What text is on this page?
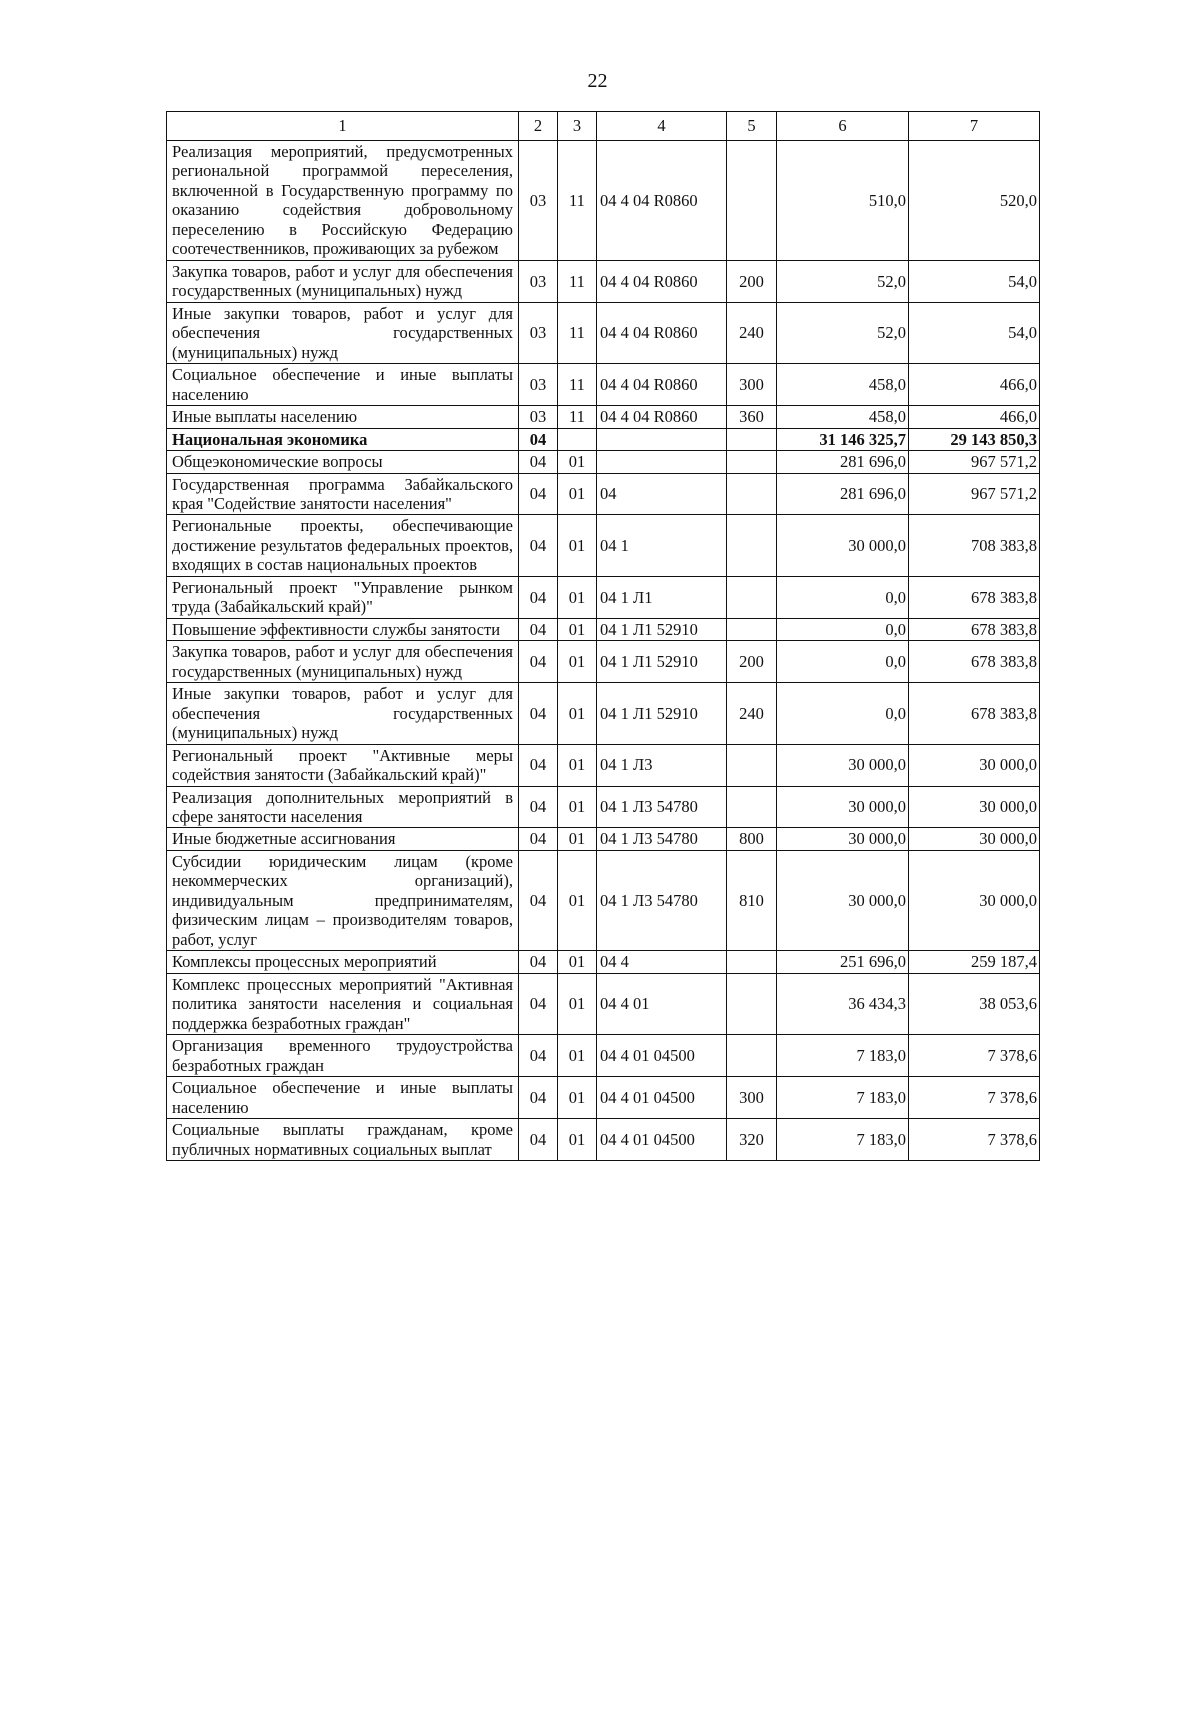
22
1	2	3	4	5	6	7
Реализация мероприятий, предусмотренных региональной программой переселения, включенной в Государственную программу по оказанию содействия добровольному переселению в Российскую Федерацию соотечественников, проживающих за рубежом	03	11	04 4 04 R0860		510,0	520,0
Закупка товаров, работ и услуг для обеспечения государственных (муниципальных) нужд	03	11	04 4 04 R0860	200	52,0	54,0
Иные закупки товаров, работ и услуг для обеспечения государственных (муниципальных) нужд	03	11	04 4 04 R0860	240	52,0	54,0
Социальное обеспечение и иные выплаты населению	03	11	04 4 04 R0860	300	458,0	466,0
Иные выплаты населению	03	11	04 4 04 R0860	360	458,0	466,0
Национальная экономика	04				31 146 325,7	29 143 850,3
Общеэкономические вопросы	04	01			281 696,0	967 571,2
Государственная программа Забайкальского края "Содействие занятости населения"	04	01	04		281 696,0	967 571,2
Региональные проекты, обеспечивающие достижение результатов федеральных проектов, входящих в состав национальных проектов	04	01	04 1		30 000,0	708 383,8
Региональный проект "Управление рынком труда (Забайкальский край)"	04	01	04 1 Л1		0,0	678 383,8
Повышение эффективности службы занятости	04	01	04 1 Л1 52910		0,0	678 383,8
Закупка товаров, работ и услуг для обеспечения государственных (муниципальных) нужд	04	01	04 1 Л1 52910	200	0,0	678 383,8
Иные закупки товаров, работ и услуг для обеспечения государственных (муниципальных) нужд	04	01	04 1 Л1 52910	240	0,0	678 383,8
Региональный проект "Активные меры содействия занятости (Забайкальский край)"	04	01	04 1 Л3		30 000,0	30 000,0
Реализация дополнительных мероприятий в сфере занятости населения	04	01	04 1 Л3 54780		30 000,0	30 000,0
Иные бюджетные ассигнования	04	01	04 1 Л3 54780	800	30 000,0	30 000,0
Субсидии юридическим лицам (кроме некоммерческих организаций), индивидуальным предпринимателям, физическим лицам – производителям товаров, работ, услуг	04	01	04 1 Л3 54780	810	30 000,0	30 000,0
Комплексы процессных мероприятий	04	01	04 4		251 696,0	259 187,4
Комплекс процессных мероприятий "Активная политика занятости населения и социальная поддержка безработных граждан"	04	01	04 4 01		36 434,3	38 053,6
Организация временного трудоустройства безработных граждан	04	01	04 4 01 04500		7 183,0	7 378,6
Социальное обеспечение и иные выплаты населению	04	01	04 4 01 04500	300	7 183,0	7 378,6
Социальные выплаты гражданам, кроме публичных нормативных социальных выплат	04	01	04 4 01 04500	320	7 183,0	7 378,6
